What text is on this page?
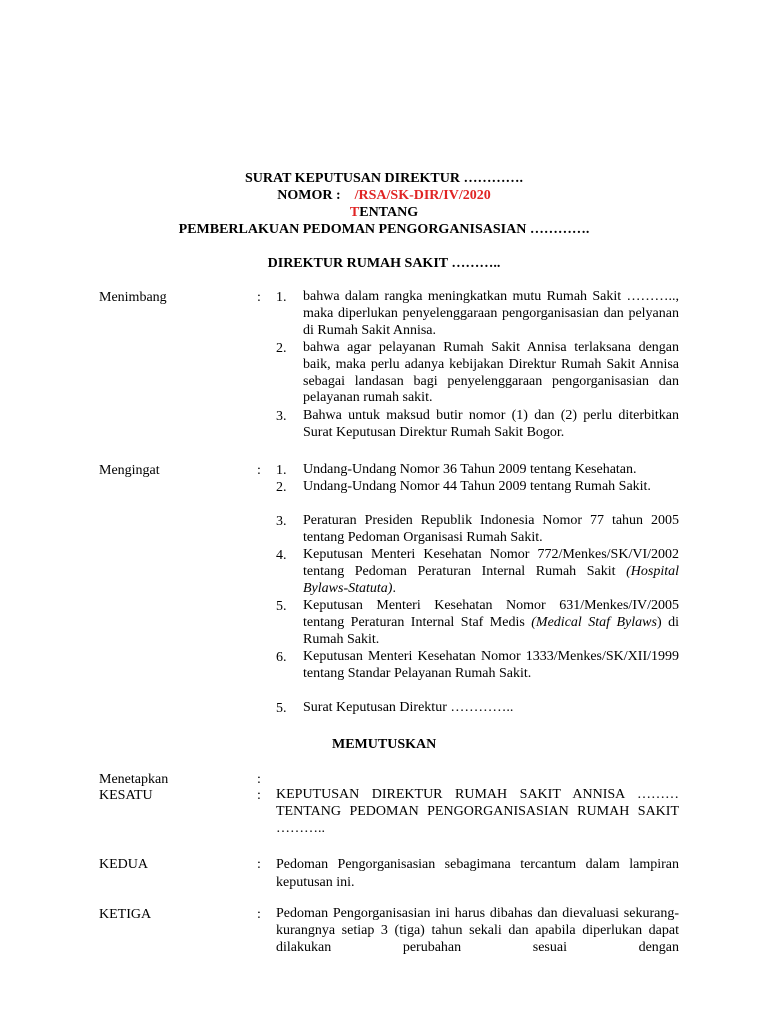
SURAT KEPUTUSAN DIREKTUR ………….
NOMOR : /RSA/SK-DIR/IV/2020
TENTANG
PEMBERLAKUAN PEDOMAN PENGORGANISASIAN ………….
DIREKTUR RUMAH SAKIT ………..
Menimbang	: 1. bahwa dalam rangka meningkatkan mutu Rumah Sakit ……….., maka diperlukan penyelenggaraan pengorganisasian dan pelyanan di Rumah Sakit Annisa.
2. bahwa agar pelayanan Rumah Sakit Annisa terlaksana dengan baik, maka perlu adanya kebijakan Direktur Rumah Sakit Annisa sebagai landasan bagi penyelenggaraan pengorganisasian dan pelayanan rumah sakit.
3. Bahwa untuk maksud butir nomor (1) dan (2) perlu diterbitkan Surat Keputusan Direktur Rumah Sakit Bogor.
Mengingat	: 1. Undang-Undang Nomor 36 Tahun 2009 tentang Kesehatan.
2. Undang-Undang Nomor 44 Tahun 2009 tentang Rumah Sakit.
3. Peraturan Presiden Republik Indonesia Nomor 77 tahun 2005 tentang Pedoman Organisasi Rumah Sakit.
4. Keputusan Menteri Kesehatan Nomor 772/Menkes/SK/VI/2002 tentang Pedoman Peraturan Internal Rumah Sakit (Hospital Bylaws-Statuta).
5. Keputusan Menteri Kesehatan Nomor 631/Menkes/IV/2005 tentang Peraturan Internal Staf Medis (Medical Staf Bylaws) di Rumah Sakit.
6. Keputusan Menteri Kesehatan Nomor 1333/Menkes/SK/XII/1999 tentang Standar Pelayanan Rumah Sakit.
5. Surat Keputusan Direktur …………..
MEMUTUSKAN
Menetapkan	:
KESATU	: KEPUTUSAN DIREKTUR RUMAH SAKIT ANNISA ……… TENTANG PEDOMAN PENGORGANISASIAN RUMAH SAKIT ………..
KEDUA	: Pedoman Pengorganisasian sebagimana tercantum dalam lampiran keputusan ini.
KETIGA	: Pedoman Pengorganisasian ini harus dibahas dan dievaluasi sekurang-kurangnya setiap 3 (tiga) tahun sekali dan apabila diperlukan dapat dilakukan perubahan sesuai dengan
